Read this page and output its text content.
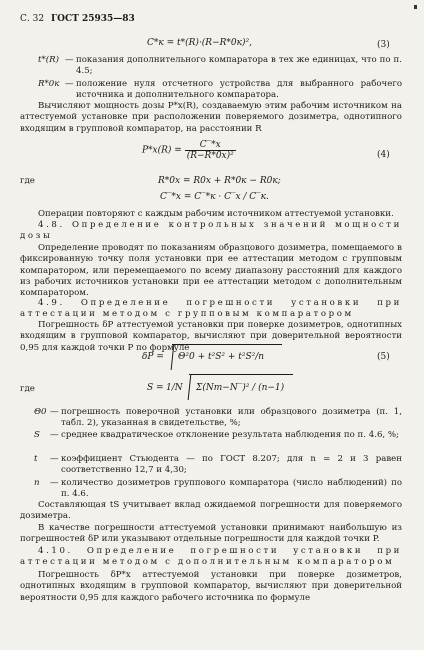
С. 32 ГОСТ 25935—83
C*к = t*(R)·(R−R*0к)²,	(3)
t*(R) — показания дополнительного компаратора в тех же единицах, что по п. 4.5;
R*0к — положение нуля отсчетного устройства для выбранного рабочего источника и дополнительного компаратора.
Вычисляют мощность дозы P*x(R), создаваемую этим рабочим источником на аттестуемой установке при расположении поверяемого дозиметра, однотипного входящим в групповой компаратор, на расстоянии R
$P*x(R) = \frac{C‾*x}{\text{(R−R*0x)²}}$	(4)
где	R*0x = R0x + R*0к − R0к;
C‾*x = C‾*к · C‾x / C‾к.
Операции повторяют с каждым рабочим источником аттестуемой установки.
4.8. Определение контрольных значений мощности дозы
Определение проводят по показаниям образцового дозиметра, помещаемого в фиксированную точку поля установки при ее аттестации методом с групповым компаратором, или перемещаемого по всему диапазону расстояний для каждого из рабочих источников установки при ее аттестации методом с дополнительным компаратором.
4.9. Определение погрешности установки при аттестации методом с групповым компаратором
Погрешность δP аттестуемой установки при поверке дозиметров, однотипных входящим в групповой компаратор, вычисляют при доверительной вероятности 0,95 для каждой точки P по формуле
δP = Θ²0 + t²S² + t²S²/n	(5)
где	S = 1/N Σ(Nm−N‾)² / (n−1)
Θ0 — погрешность поверочной установки или образцового дозиметра (п. 1, табл. 2), указанная в свидетельстве, %;
S — среднее квадратическое отклонение результата наблюдения по п. 4.6, %;
t — коэффициент Стьюдента — по ГОСТ 8.207; для n = 2 и 3 равен соответственно 12,7 и 4,30;
n — количество дозиметров группового компаратора (число наблюдений) по п. 4.6.
Составляющая tS учитывает вклад ожидаемой погрешности для поверяемого дозиметра.
В качестве погрешности аттестуемой установки принимают наибольшую из погрешностей δP или указывают отдельные погрешности для каждой точки P.
4.10. Определение погрешности установки при аттестации методом с дополнительным компаратором
Погрешность δP*x аттестуемой установки при поверке дозиметров, однотипных входящим в групповой компаратор, вычисляют при доверительной вероятности 0,95 для каждого рабочего источника по формуле
